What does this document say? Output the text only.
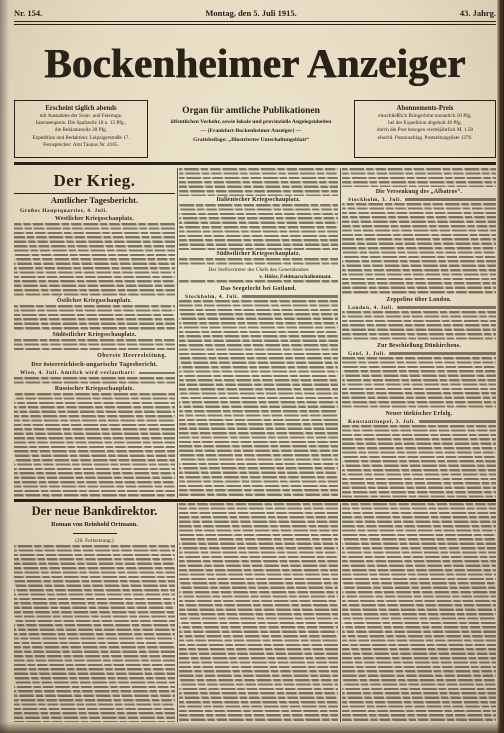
Nr. 154.	Montag, den 5. Juli 1915.	43. Jahrg.
Bockenheimer Anzeiger
Erscheint täglich abends
mit Ausnahme der Sonn- und Feiertage.
Inseratenpreis: Die Spaltzeile 10 u. 15 Pfg.,
die Reklamezeile 20 Pfg.
Expedition und Redaktion: Leipzigerstraße 17.
Fernsprecher: Amt Taunus Nr. 4165.
Organ für amtliche Publikationen
öffentlichen Verkehr, sowie lokale und provinzielle Angelegenheiten
— (Frankfurt-Bockenheimer Anzeiger) —
Gratisbeilage: „Illustriertes Unterhaltungsblatt“
Abonnements-Preis
einschließlich Bringerlohn monatlich 50 Pfg.
bei der Expedition abgeholt 40 Pfg.
durch die Post bezogen vierteljährlich M. 1.50
einschl. Postzuschlag. Postzeitungsliste 1276.
Der Krieg.
Amtlicher Tagesbericht.
Großes Hauptquartier, 4. Juli.
Westlicher Kriegsschauplatz.
Östlicher Kriegsschauplatz.
Südöstlicher Kriegsschauplatz.
Oberste Heeresleitung.
Der österreichisch-ungarische Tagesbericht.
Wien, 4. Juli. Amtlich wird verlautbart:
Russischer Kriegsschauplatz.
Italienischer Kriegsschauplatz.
Südöstlicher Kriegsschauplatz.
Der Stellvertreter des Chefs des Generalstabes
v. Höfer, Feldmarschalleutnant.
Das Seegefecht bei Gotland.
Stockholm, 4. Juli.
Die Versenkung des „Albatros“.
Stockholm, 3. Juli.
Zeppeline über London.
London, 4. Juli.
Zur Beschießung Dünkirchens.
Genf, 3. Juli.
Neuer türkischer Erfolg.
Konstantinopel, 3. Juli.
Der neue Bankdirektor.
Roman von Reinhold Ortmann.
(20. Fortsetzung.)
